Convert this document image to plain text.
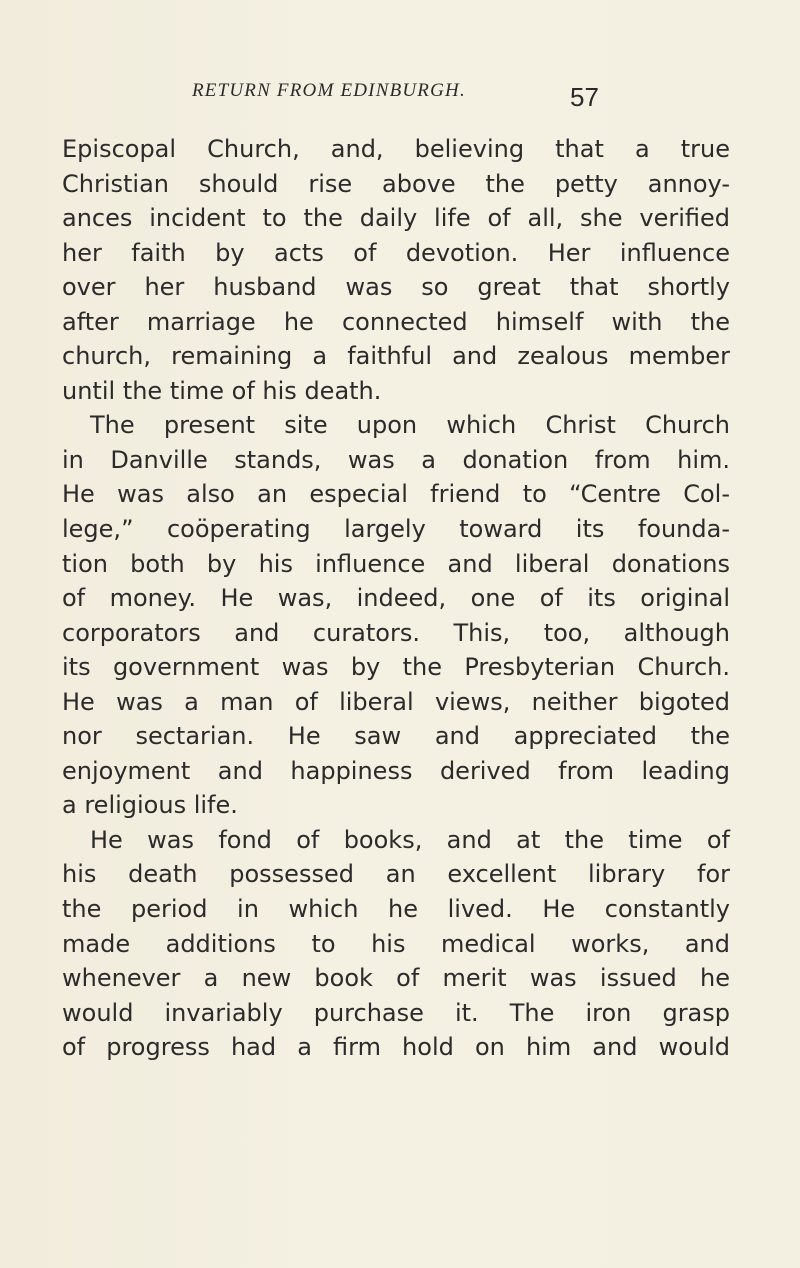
RETURN FROM EDINBURGH.	57
Episcopal Church, and, believing that a true
Christian should rise above the petty annoy-
ances incident to the daily life of all, she verified
her faith by acts of devotion. Her influence
over her husband was so great that shortly
after marriage he connected himself with the
church, remaining a faithful and zealous member
until the time of his death.
The present site upon which Christ Church
in Danville stands, was a donation from him.
He was also an especial friend to “Centre Col-
lege,” coöperating largely toward its founda-
tion both by his influence and liberal donations
of money. He was, indeed, one of its original
corporators and curators. This, too, although
its government was by the Presbyterian Church.
He was a man of liberal views, neither bigoted
nor sectarian. He saw and appreciated the
enjoyment and happiness derived from leading
a religious life.
He was fond of books, and at the time of
his death possessed an excellent library for
the period in which he lived. He constantly
made additions to his medical works, and
whenever a new book of merit was issued he
would invariably purchase it. The iron grasp
of progress had a firm hold on him and would
